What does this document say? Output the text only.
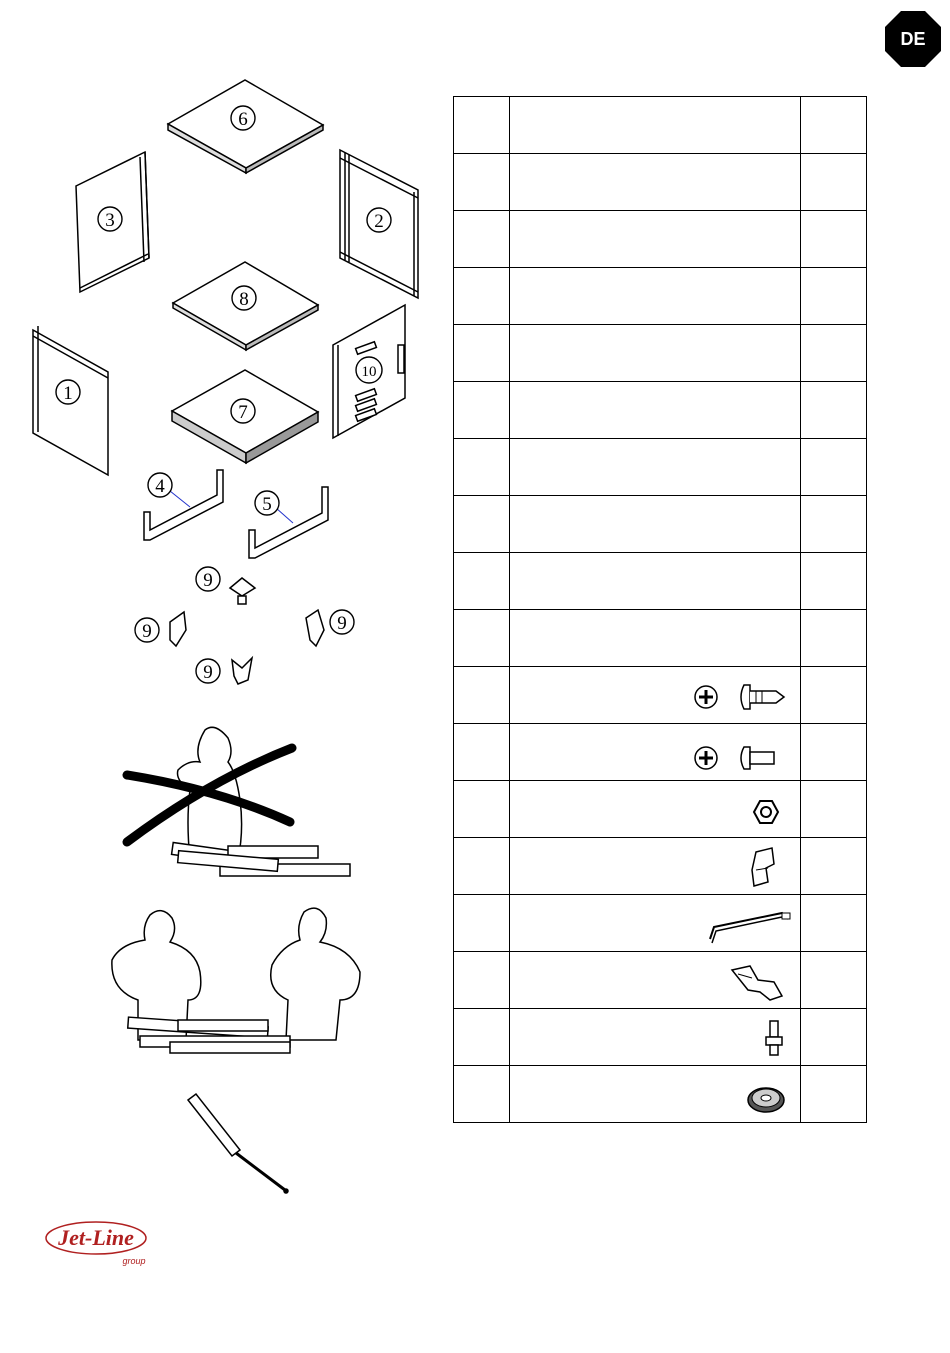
DE
6
3	2
8
1
10
7
4
5
9
9	9
9

Jet-Line
group
